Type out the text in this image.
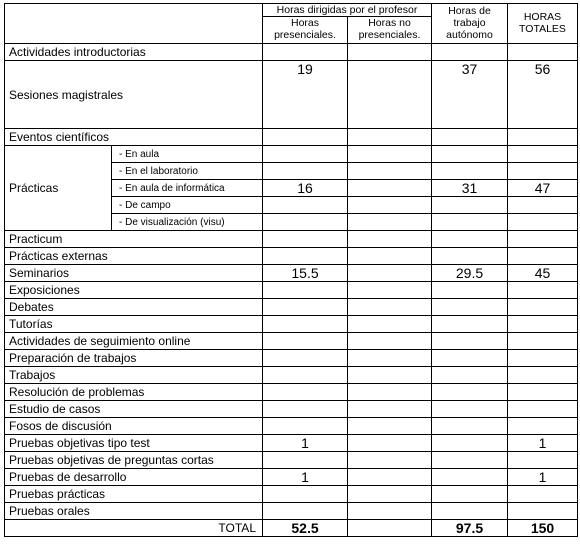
		Horas dirigidas por el profesor		Horas de trabajo autónomo	HORAS TOTALES
		Horas presenciales.	Horas no presenciales.		
Actividades introductorias					
Sesiones magistrales		19		37	56
Eventos científicos					
Prácticas	- En aula				
	- En el laboratorio				
	- En aula de informática	16		31	47
	- De campo				
	- De visualización (visu)				
Practicum					
Prácticas externas					
Seminarios		15.5		29.5	45
Exposiciones					
Debates					
Tutorías					
Actividades de seguimiento online					
Preparación de trabajos					
Trabajos					
Resolución de problemas					
Estudio de casos					
Fosos de discusión					
Pruebas objetivas tipo test		1			1
Pruebas objetivas de preguntas cortas					
Pruebas de desarrollo		1			1
Pruebas prácticas					
Pruebas orales					
TOTAL		52.5		97.5	150
